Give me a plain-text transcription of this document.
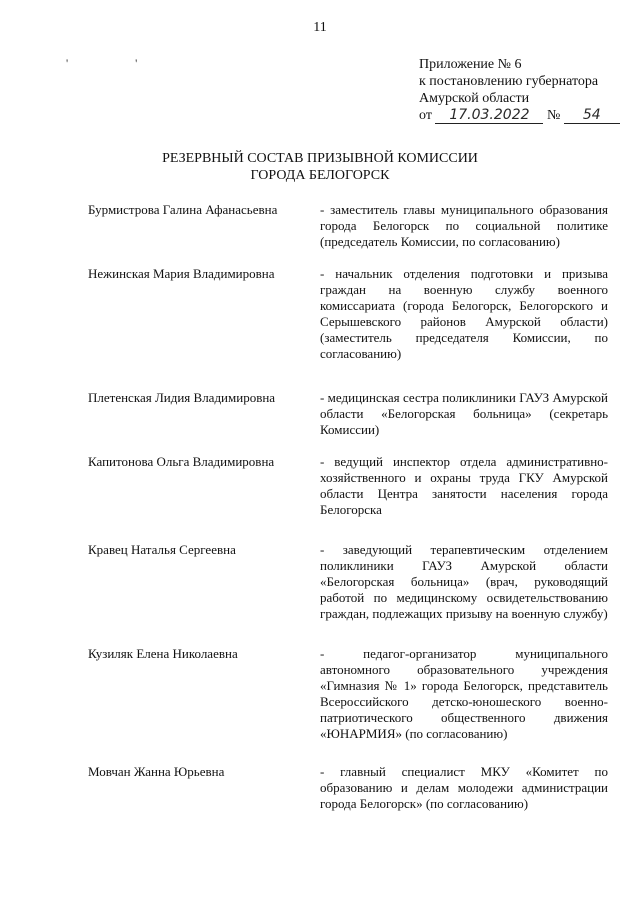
11
' '	Приложение № 6
к постановлению губернатора
Амурской области
от 17.03.2022 № 54
РЕЗЕРВНЫЙ СОСТАВ ПРИЗЫВНОЙ КОМИССИИ
ГОРОДА БЕЛОГОРСК
Бурмистрова Галина Афанасьевна	- заместитель главы муниципального образования города Белогорск по социальной политике (председатель Комиссии, по согласованию)
Нежинская Мария Владимировна	- начальник отделения подготовки и призыва граждан на военную службу военного комиссариата (города Белогорск, Белогорского и Серышевского районов Амурской области) (заместитель председателя Комиссии, по согласованию)
Плетенская Лидия Владимировна	- медицинская сестра поликлиники ГАУЗ Амурской области «Белогорская больница» (секретарь Комиссии)
Капитонова Ольга Владимировна	- ведущий инспектор отдела административно-хозяйственного и охраны труда ГКУ Амурской области Центра занятости населения города Белогорска
Кравец Наталья Сергеевна	- заведующий терапевтическим отделением поликлиники ГАУЗ Амурской области «Белогорская больница» (врач, руководящий работой по медицинскому освидетельствованию граждан, подлежащих призыву на военную службу)
Кузиляк Елена Николаевна	- педагог-организатор муниципального автономного образовательного учреждения «Гимназия № 1» города Белогорск, представитель Всероссийского детско-юношеского военно-патриотического общественного движения «ЮНАРМИЯ» (по согласованию)
Мовчан Жанна Юрьевна	- главный специалист МКУ «Комитет по образованию и делам молодежи администрации города Белогорск» (по согласованию)
